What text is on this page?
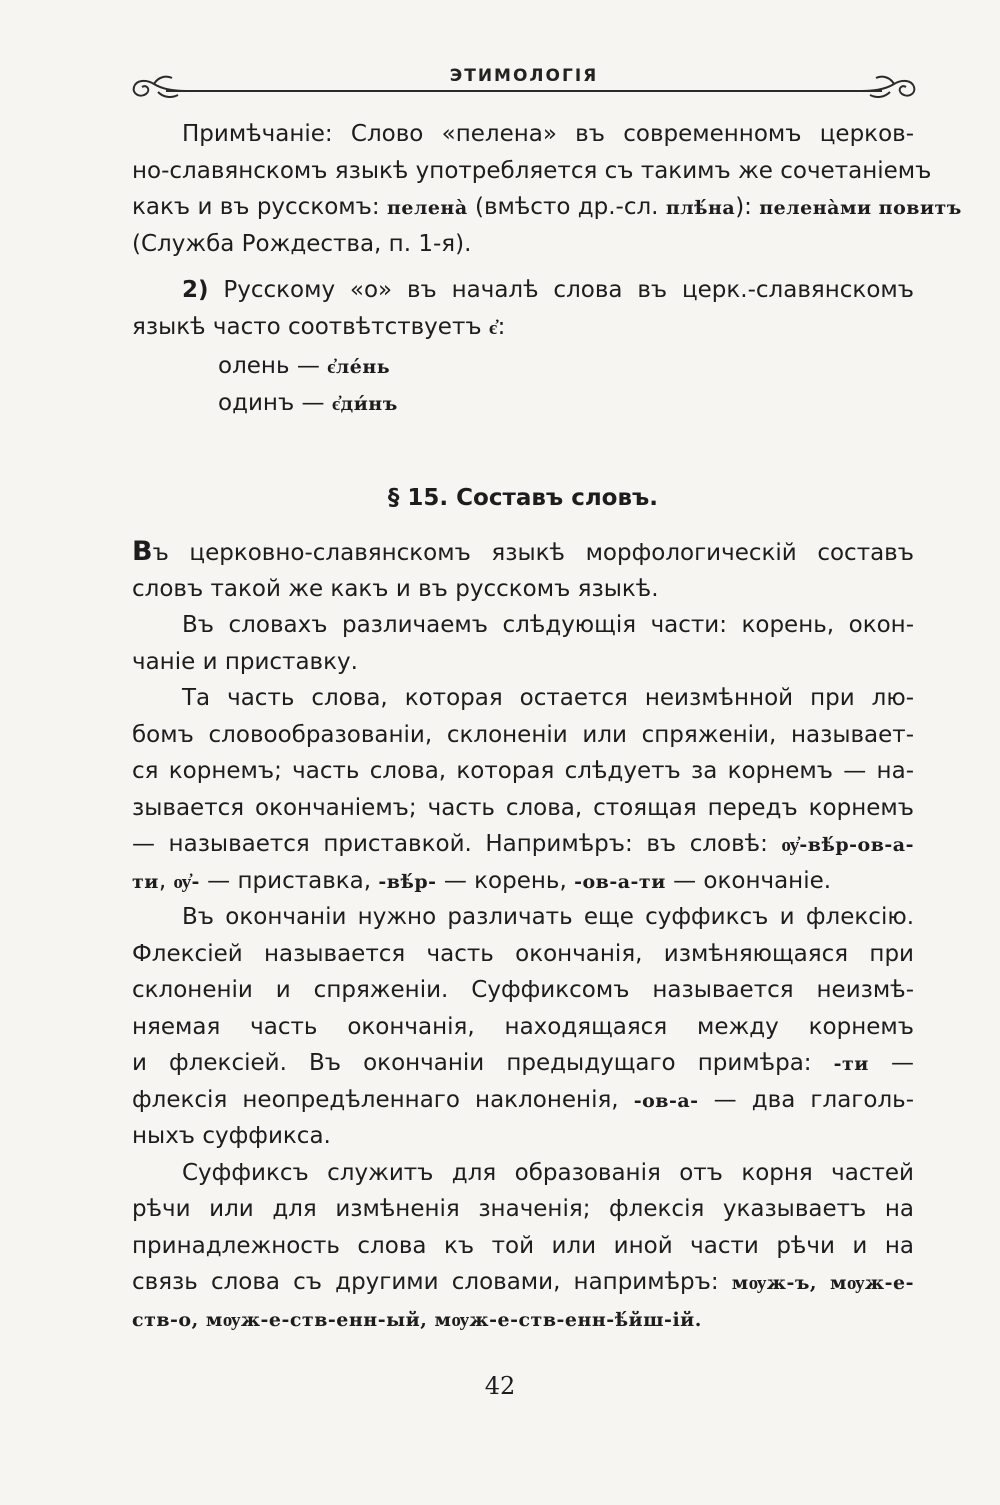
ЭТИМОЛОГІЯ
Примѣчаніе: Слово «пелена» въ современномъ церков-
но-славянскомъ языкѣ употребляется съ такимъ же сочетаніемъ
какъ и въ русскомъ: пелена̀ (вмѣсто др.-сл. плѣ́на): пелена̀ми повитъ
(Служба Рождества, п. 1-я).
2) Русскому «о» въ началѣ слова въ церк.-славянскомъ
языкѣ часто соотвѣтствуетъ є҆:
олень — є҆ле́нь
одинъ — є҆ди́нъ
§ 15. Составъ словъ.
Въ церковно-славянскомъ языкѣ морфологическій составъ
словъ такой же какъ и въ русскомъ языкѣ.
Въ словахъ различаемъ слѣдующія части: корень, окон-
чаніе и приставку.
Та часть слова, которая остается неизмѣнной при лю-
бомъ словообразованіи, склоненіи или спряженіи, называет-
ся корнемъ; часть слова, которая слѣдуетъ за корнемъ — на-
зывается окончаніемъ; часть слова, стоящая передъ корнемъ
— называется приставкой. Напримѣръ: въ словѣ: ѹ҆-вѣ́р-ов-а-
ти, ѹ҆- — приставка, -вѣ́р- — корень, -ов-а-ти — окончаніе.
Въ окончаніи нужно различать еще суффиксъ и флексію.
Флексіей называется часть окончанія, измѣняющаяся при
склоненіи и спряженіи. Суффиксомъ называется неизмѣ-
няемая часть окончанія, находящаяся между корнемъ
и флексіей. Въ окончаніи предыдущаго примѣра: -ти —
флексія неопредѣленнаго наклоненія, -ов-а- — два глаголь-
ныхъ суффикса.
Суффиксъ служитъ для образованія отъ корня частей
рѣчи или для измѣненія значенія; флексія указываетъ на
принадлежность слова къ той или иной части рѣчи и на
связь слова съ другими словами, напримѣръ: мѹж-ъ, мѹж-е-
ств-о, мѹж-е-ств-енн-ый, мѹж-е-ств-енн-ѣ́йш-ій.
42
